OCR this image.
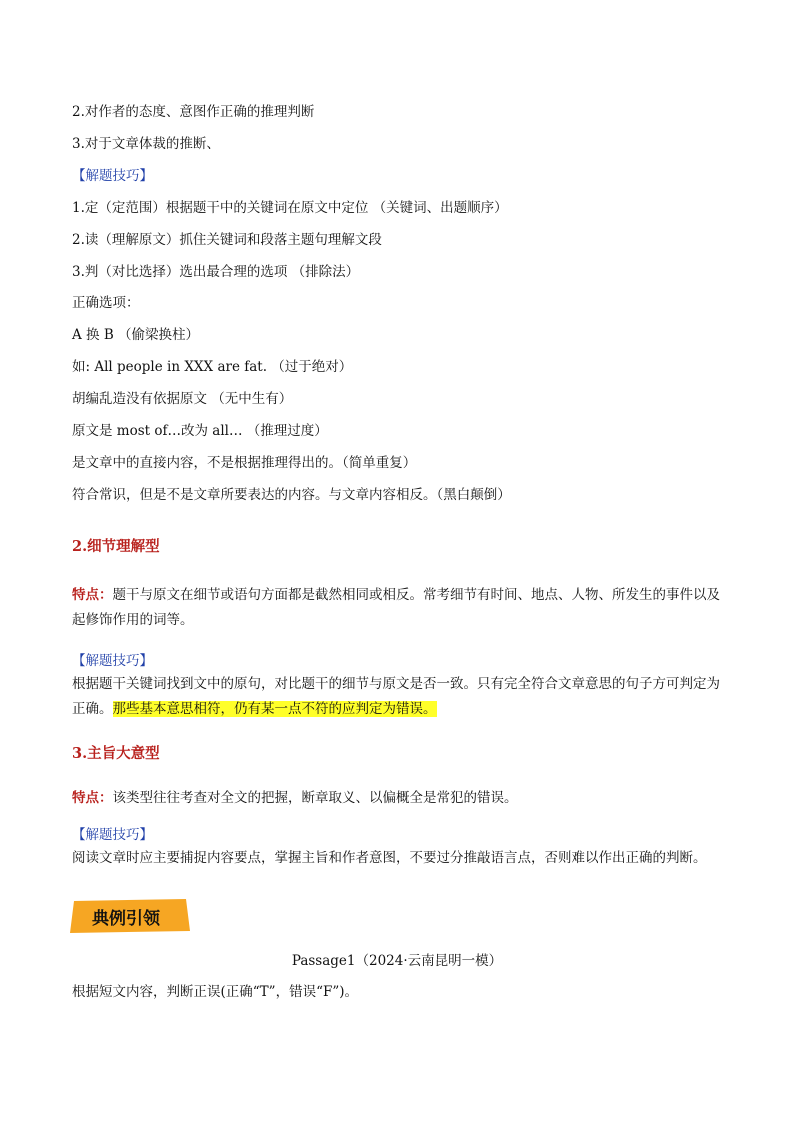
2.对作者的态度、意图作正确的推理判断
3.对于文章体裁的推断、
【解题技巧】
1.定（定范围）根据题干中的关键词在原文中定位 （关键词、出题顺序）
2.读（理解原文）抓住关键词和段落主题句理解文段
3.判（对比选择）选出最合理的选项 （排除法）
正确选项：
A 换 B （偷梁换柱）
如: All people in XXX are fat. （过于绝对）
胡编乱造没有依据原文 （无中生有）
原文是 most of…改为 all… （推理过度）
是文章中的直接内容，不是根据推理得出的。（简单重复）
符合常识，但是不是文章所要表达的内容。与文章内容相反。（黑白颠倒）
2.细节理解型
特点：题干与原文在细节或语句方面都是截然相同或相反。常考细节有时间、地点、人物、所发生的事件以及起修饰作用的词等。
【解题技巧】
根据题干关键词找到文中的原句，对比题干的细节与原文是否一致。只有完全符合文章意思的句子方可判定为正确。那些基本意思相符，仍有某一点不符的应判定为错误。
3.主旨大意型
特点：该类型往往考查对全文的把握，断章取义、以偏概全是常犯的错误。
【解题技巧】
阅读文章时应主要捕捉内容要点，掌握主旨和作者意图，不要过分推敲语言点，否则难以作出正确的判断。
典例引领
Passage1（2024·云南昆明一模）
根据短文内容，判断正误(正确“T”，错误“F”)。
